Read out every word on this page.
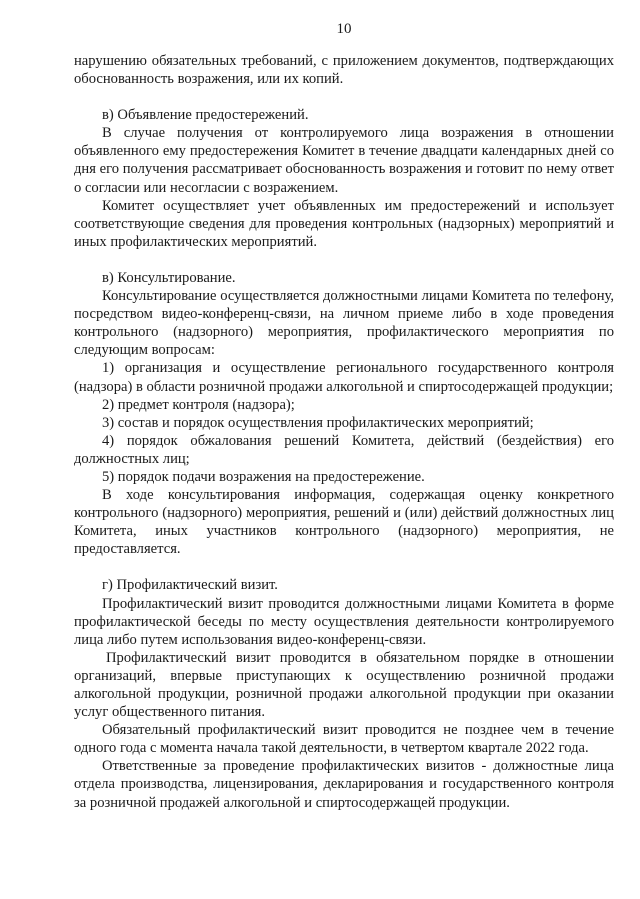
10

нарушению обязательных требований, с приложением документов, подтверждающих обоснованность возражения, или их копий.

в) Объявление предостережений.

В случае получения от контролируемого лица возражения в отношении объявленного ему предостережения Комитет в течение двадцати календарных дней со дня его получения рассматривает обоснованность возражения и готовит по нему ответ о согласии или несогласии с возражением.

Комитет осуществляет учет объявленных им предостережений и использует соответствующие сведения для проведения контрольных (надзорных) мероприятий и иных профилактических мероприятий.

в) Консультирование.

Консультирование осуществляется должностными лицами Комитета по телефону, посредством видео-конференц-связи, на личном приеме либо в ходе проведения контрольного (надзорного) мероприятия, профилактического мероприятия по следующим вопросам:

1) организация и осуществление регионального государственного контроля (надзора) в области розничной продажи алкогольной и спиртосодержащей продукции;

2) предмет контроля (надзора);

3) состав и порядок осуществления профилактических мероприятий;

4) порядок обжалования решений Комитета, действий (бездействия) его должностных лиц;

5) порядок подачи возражения на предостережение.

В ходе консультирования информация, содержащая оценку конкретного контрольного (надзорного) мероприятия, решений и (или) действий должностных лиц Комитета, иных участников контрольного (надзорного) мероприятия, не предоставляется.

г) Профилактический визит.

Профилактический визит проводится должностными лицами Комитета в форме профилактической беседы по месту осуществления деятельности контролируемого лица либо путем использования видео-конференц-связи.

Профилактический визит проводится в обязательном порядке в отношении организаций, впервые приступающих к осуществлению розничной продажи алкогольной продукции, розничной продажи алкогольной продукции при оказании услуг общественного питания.

Обязательный профилактический визит проводится не позднее чем в течение одного года с момента начала такой деятельности, в четвертом квартале 2022 года.

Ответственные за проведение профилактических визитов - должностные лица отдела производства, лицензирования, декларирования и государственного контроля за розничной продажей алкогольной и спиртосодержащей продукции.
